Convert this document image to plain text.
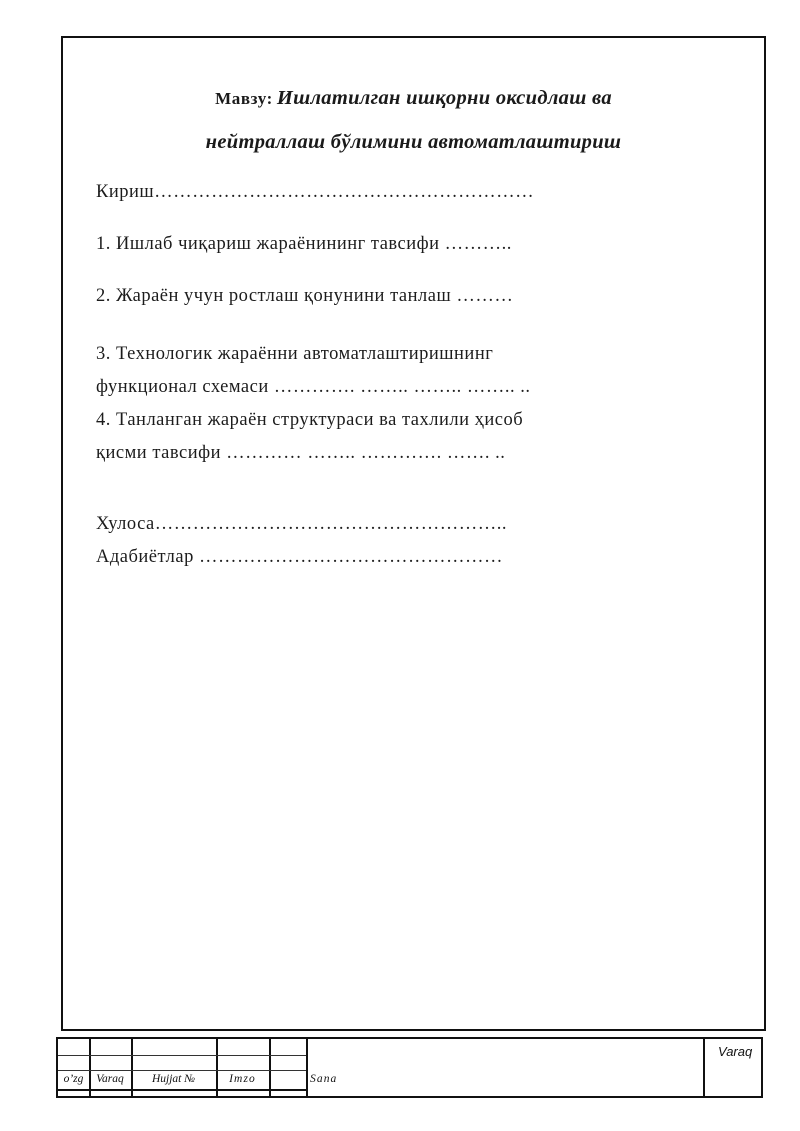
Мавзу: Ишлатилган ишқорни оксидлаш ва
нейтраллаш бўлимини автоматлаштириш
Кириш……………………………………………………
1. Ишлаб чиқариш жараёнининг тавсифи ………..
2. Жараён учун ростлаш қонунини танлаш ………
3. Технологик жараённи автоматлаштиришнинг
функционал схемаси …………. …….. …….. …….. ..
4. Танланган жараён структураси ва тахлили ҳисоб
қисми тавсифи ………… …….. …………. ……. ..
Хулоса………………………………………………..
Адабиётлар …………………………………………
o’zg	Varaq	Hujjat №	Imzo	Sana
Varaq
